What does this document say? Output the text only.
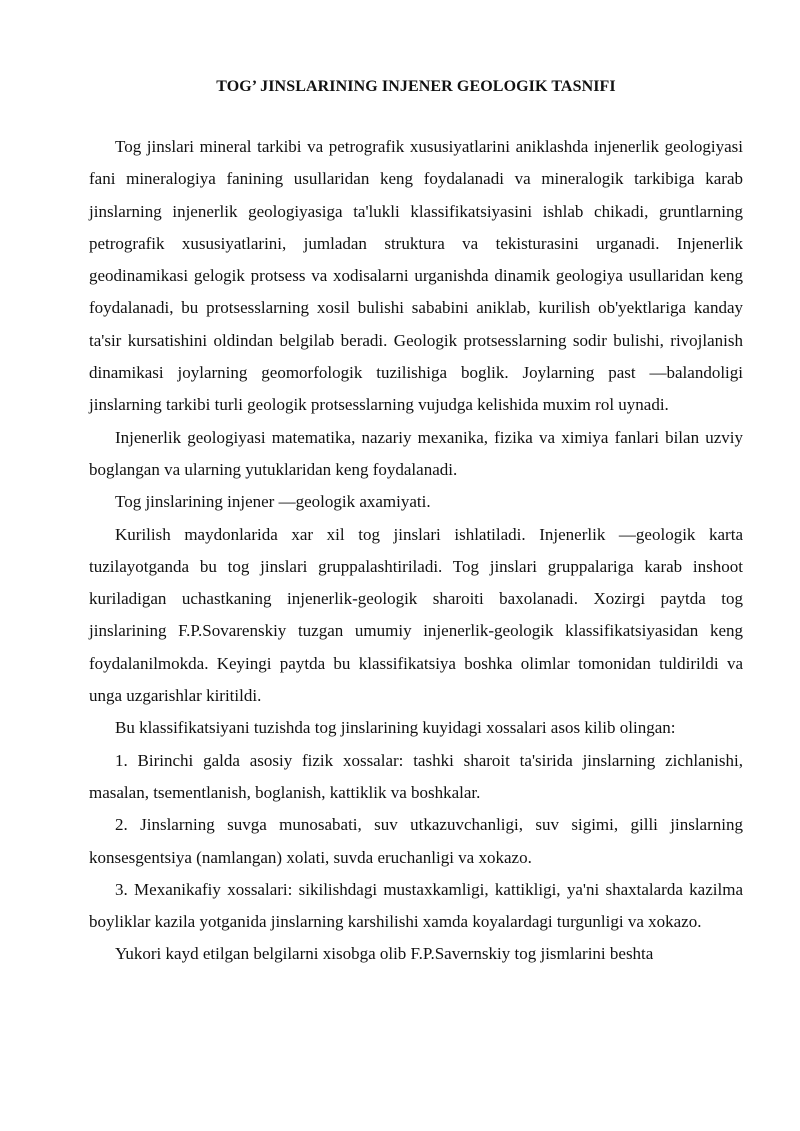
TOG’ JINSLARINING INJENER GEOLOGIK TASNIFI

Tog jinslari mineral tarkibi va petrografik xususiyatlarini aniklashda injenerlik geologiyasi fani mineralogiya fanining usullaridan keng foydalanadi va mineralogik tarkibiga karab jinslarning injenerlik geologiyasiga ta'lukli klassifikatsiyasini ishlab chikadi, gruntlarning petrografik xususiyatlarini, jumladan struktura va tekisturasini urganadi. Injenerlik geodinamikasi gelogik protsess va xodisalarni urganishda dinamik geologiya usullaridan keng foydalanadi, bu protsesslarning xosil bulishi sababini aniklab, kurilish ob'yektlariga kanday ta'sir kursatishini oldindan belgilab beradi. Geologik protsesslarning sodir bulishi, rivojlanish dinamikasi joylarning geomorfologik tuzilishiga boglik. Joylarning past —balandoligi jinslarning tarkibi turli geologik protsesslarning vujudga kelishida muxim rol uynadi.

Injenerlik geologiyasi matematika, nazariy mexanika, fizika va ximiya fanlari bilan uzviy boglangan va ularning yutuklaridan keng foydalanadi.

Tog jinslarining injener —geologik axamiyati.

Kurilish maydonlarida xar xil tog jinslari ishlatiladi. Injenerlik —geologik karta tuzilayotganda bu tog jinslari gruppalashtiriladi. Tog jinslari gruppalariga karab inshoot kuriladigan uchastkaning injenerlik-geologik sharoiti baxolanadi. Xozirgi paytda tog jinslarining F.P.Sovarenskiy tuzgan umumiy injenerlik-geologik klassifikatsiyasidan keng foydalanilmokda. Keyingi paytda bu klassifikatsiya boshka olimlar tomonidan tuldirildi va unga uzgarishlar kiritildi.

Bu klassifikatsiyani tuzishda tog jinslarining kuyidagi xossalari asos kilib olingan:

1. Birinchi galda asosiy fizik xossalar: tashki sharoit ta'sirida jinslarning zichlanishi, masalan, tsementlanish, boglanish, kattiklik va boshkalar.

2. Jinslarning suvga munosabati, suv utkazuvchanligi, suv sigimi, gilli jinslarning konsesgentsiya (namlangan) xolati, suvda eruchanligi va xokazo.

3. Mexanikafiy xossalari: sikilishdagi mustaxkamligi, kattikligi, ya'ni shaxtalarda kazilma boyliklar kazila yotganida jinslarning karshilishi xamda koyalardagi turgunligi va xokazo.

Yukori kayd etilgan belgilarni xisobga olib F.P.Savernskiy tog jismlarini beshta
